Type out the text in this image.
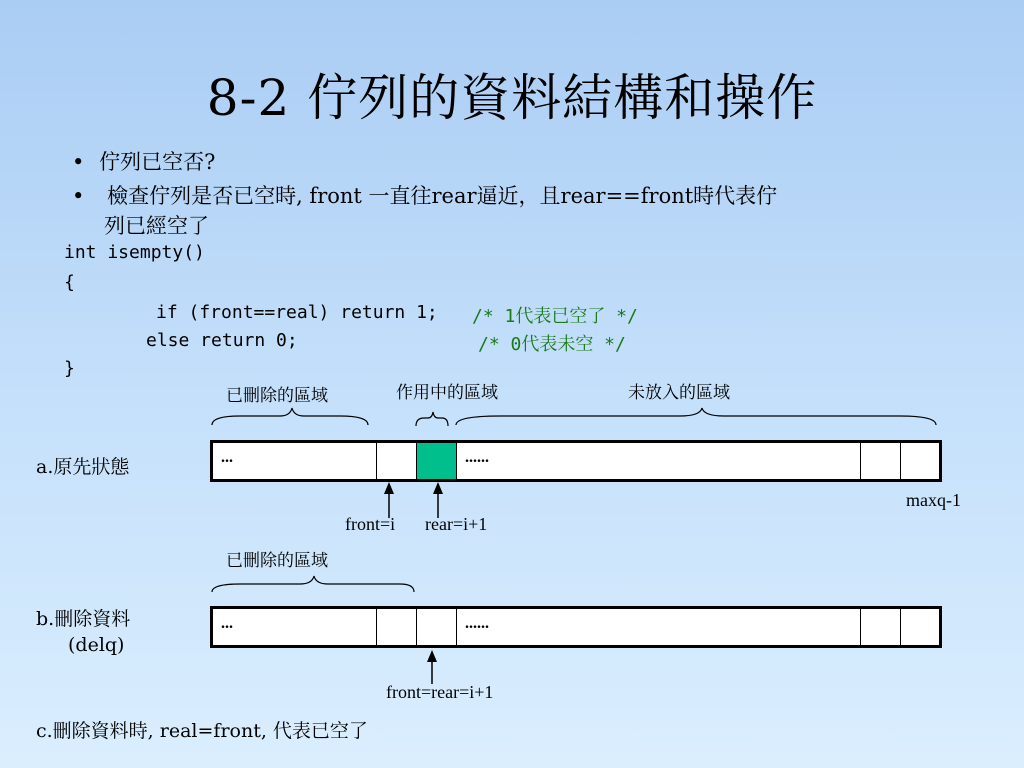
8-2 佇列的資料結構和操作
• 佇列已空否?
• 檢查佇列是否已空時, front 一直往rear逼近，且rear==front時代表佇
列已經空了
int isempty()
{
if (front==real) return 1; /* 1代表已空了 */
else return 0;	/* 0代表未空 */
}
已刪除的區域	作用中的區域	未放入的區域
a.原先狀態	...	......
maxq-1
front=i rear=i+1
已刪除的區域
b.刪除資料
(delq)
...	......
front=rear=i+1
c.刪除資料時, real=front, 代表已空了
